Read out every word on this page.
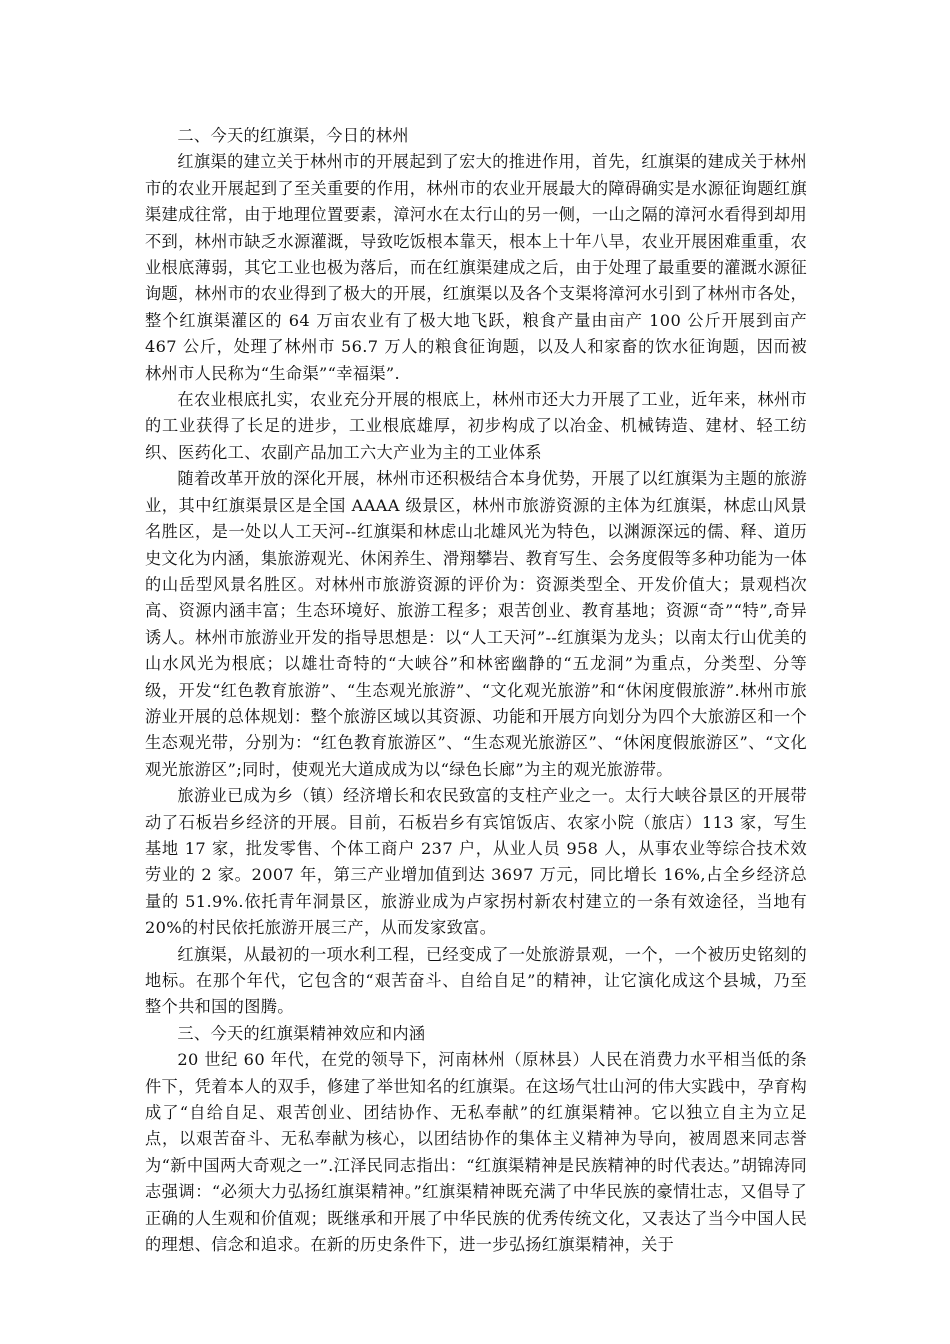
二、今天的红旗渠，今日的林州

红旗渠的建立关于林州市的开展起到了宏大的推进作用，首先，红旗渠的建成关于林州市的农业开展起到了至关重要的作用，林州市的农业开展最大的障碍确实是水源征询题红旗渠建成往常，由于地理位置要素，漳河水在太行山的另一侧，一山之隔的漳河水看得到却用不到，林州市缺乏水源灌溉，导致吃饭根本靠天，根本上十年八旱，农业开展困难重重，农业根底薄弱，其它工业也极为落后，而在红旗渠建成之后，由于处理了最重要的灌溉水源征询题，林州市的农业得到了极大的开展，红旗渠以及各个支渠将漳河水引到了林州市各处，整个红旗渠灌区的 64 万亩农业有了极大地飞跃，粮食产量由亩产 100 公斤开展到亩产 467 公斤，处理了林州市 56.7 万人的粮食征询题，以及人和家畜的饮水征询题，因而被林州市人民称为“生命渠”“幸福渠”.

在农业根底扎实，农业充分开展的根底上，林州市还大力开展了工业，近年来，林州市的工业获得了长足的进步，工业根底雄厚，初步构成了以冶金、机械铸造、建材、轻工纺织、医药化工、农副产品加工六大产业为主的工业体系

随着改革开放的深化开展，林州市还积极结合本身优势，开展了以红旗渠为主题的旅游业，其中红旗渠景区是全国 AAAA 级景区，林州市旅游资源的主体为红旗渠，林虑山风景名胜区，是一处以人工天河--红旗渠和林虑山北雄风光为特色，以渊源深远的儒、释、道历史文化为内涵，集旅游观光、休闲养生、滑翔攀岩、教育写生、会务度假等多种功能为一体的山岳型风景名胜区。对林州市旅游资源的评价为：资源类型全、开发价值大；景观档次高、资源内涵丰富；生态环境好、旅游工程多；艰苦创业、教育基地；资源“奇”“特”,奇异诱人。林州市旅游业开发的指导思想是：以“人工天河”--红旗渠为龙头；以南太行山优美的山水风光为根底；以雄壮奇特的“大峡谷”和林密幽静的“五龙洞”为重点，分类型、分等级，开发“红色教育旅游”、“生态观光旅游”、“文化观光旅游”和“休闲度假旅游”.林州市旅游业开展的总体规划：整个旅游区域以其资源、功能和开展方向划分为四个大旅游区和一个生态观光带，分别为：“红色教育旅游区”、“生态观光旅游区”、“休闲度假旅游区”、“文化观光旅游区”;同时，使观光大道成成为以“绿色长廊”为主的观光旅游带。

旅游业已成为乡（镇）经济增长和农民致富的支柱产业之一。太行大峡谷景区的开展带动了石板岩乡经济的开展。目前，石板岩乡有宾馆饭店、农家小院（旅店）113 家，写生基地 17 家，批发零售、个体工商户 237 户，从业人员 958 人，从事农业等综合技术效劳业的 2 家。2007 年，第三产业增加值到达 3697 万元，同比增长 16%,占全乡经济总量的 51.9%.依托青年洞景区，旅游业成为卢家拐村新农村建立的一条有效途径，当地有 20%的村民依托旅游开展三产，从而发家致富。

红旗渠，从最初的一项水利工程，已经变成了一处旅游景观，一个，一个被历史铭刻的地标。在那个年代，它包含的“艰苦奋斗、自给自足”的精神，让它演化成这个县城，乃至整个共和国的图腾。

三、今天的红旗渠精神效应和内涵

20 世纪 60 年代，在党的领导下，河南林州（原林县）人民在消费力水平相当低的条件下，凭着本人的双手，修建了举世知名的红旗渠。在这场气壮山河的伟大实践中，孕育构成了“自给自足、艰苦创业、团结协作、无私奉献”的红旗渠精神。它以独立自主为立足点，以艰苦奋斗、无私奉献为核心，以团结协作的集体主义精神为导向，被周恩来同志誉为“新中国两大奇观之一”.江泽民同志指出：“红旗渠精神是民族精神的时代表达。”胡锦涛同志强调：“必须大力弘扬红旗渠精神。”红旗渠精神既充满了中华民族的豪情壮志，又倡导了正确的人生观和价值观；既继承和开展了中华民族的优秀传统文化，又表达了当今中国人民的理想、信念和追求。在新的历史条件下，进一步弘扬红旗渠精神，关于
